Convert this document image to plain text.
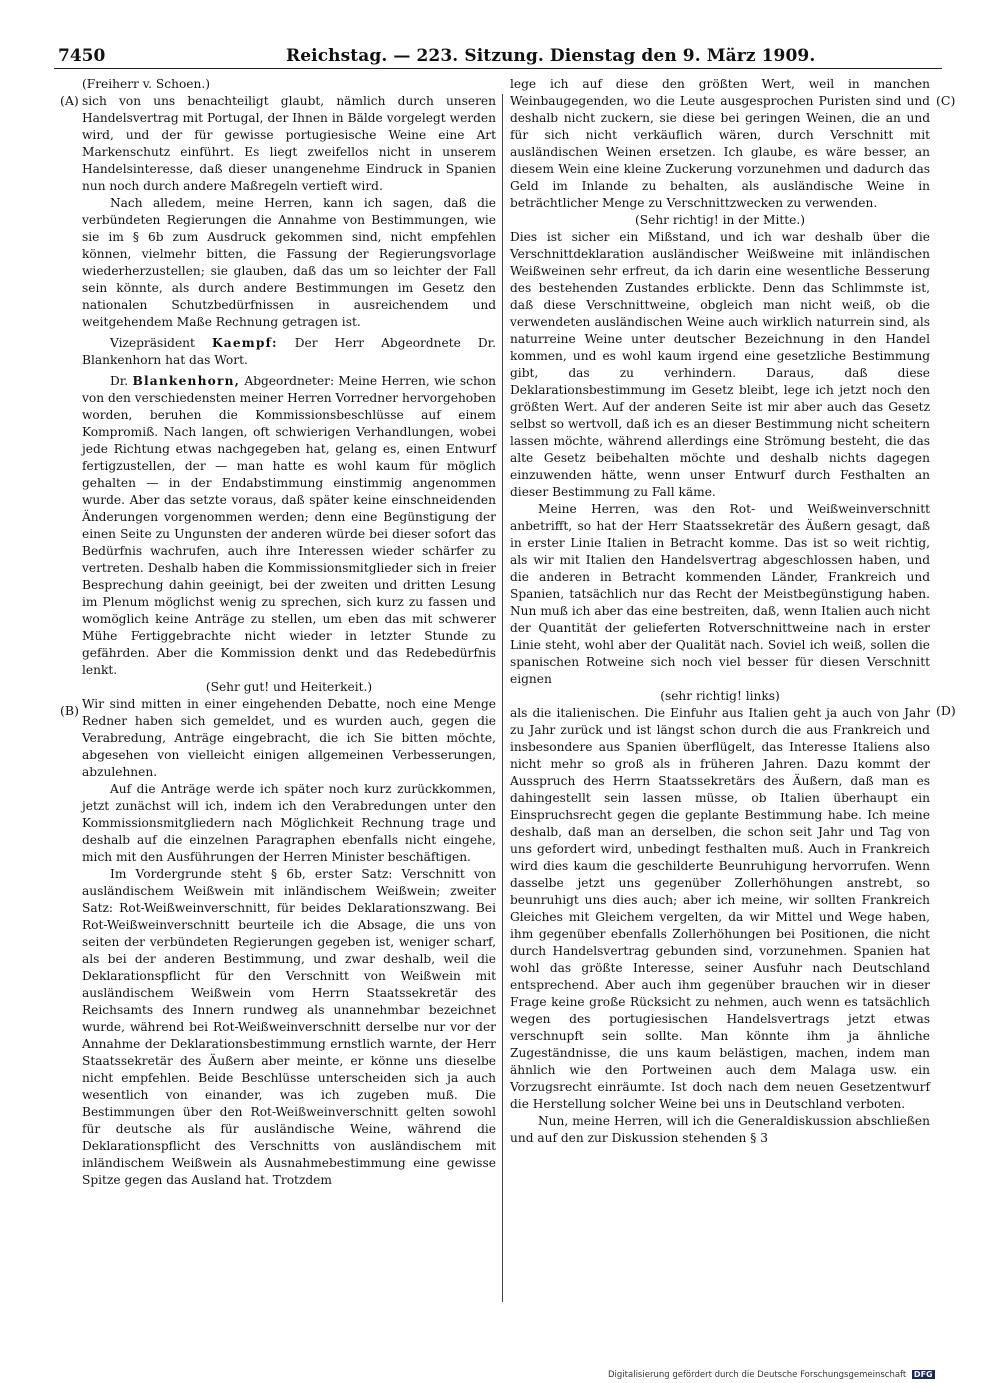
7450	Reichstag. — 223. Sitzung. Dienstag den 9. März 1909.
(A)
(B)
(C)
(D)

(Freiherr v. Schoen.)

sich von uns benachteiligt glaubt, nämlich durch unseren Handelsvertrag mit Portugal, der Ihnen in Bälde vorgelegt werden wird, und der für gewisse portugiesische Weine eine Art Markenschutz einführt. Es liegt zweifellos nicht in unserem Handelsinteresse, daß dieser unangenehme Eindruck in Spanien nun noch durch andere Maßregeln vertieft wird.

Nach alledem, meine Herren, kann ich sagen, daß die verbündeten Regierungen die Annahme von Bestimmungen, wie sie im § 6b zum Ausdruck gekommen sind, nicht empfehlen können, vielmehr bitten, die Fassung der Regierungsvorlage wiederherzustellen; sie glauben, daß das um so leichter der Fall sein könnte, als durch andere Bestimmungen im Gesetz den nationalen Schutzbedürfnissen in ausreichendem und weitgehendem Maße Rechnung getragen ist.

Vizepräsident Kaempf: Der Herr Abgeordnete Dr. Blankenhorn hat das Wort.

Dr. Blankenhorn, Abgeordneter: Meine Herren, wie schon von den verschiedensten meiner Herren Vorredner hervorgehoben worden, beruhen die Kommissionsbeschlüsse auf einem Kompromiß. Nach langen, oft schwierigen Verhandlungen, wobei jede Richtung etwas nachgegeben hat, gelang es, einen Entwurf fertigzustellen, der — man hatte es wohl kaum für möglich gehalten — in der Endabstimmung einstimmig angenommen wurde. Aber das setzte voraus, daß später keine einschneidenden Änderungen vorgenommen werden; denn eine Begünstigung der einen Seite zu Ungunsten der anderen würde bei dieser sofort das Bedürfnis wachrufen, auch ihre Interessen wieder schärfer zu vertreten. Deshalb haben die Kommissionsmitglieder sich in freier Besprechung dahin geeinigt, bei der zweiten und dritten Lesung im Plenum möglichst wenig zu sprechen, sich kurz zu fassen und womöglich keine Anträge zu stellen, um eben das mit schwerer Mühe Fertiggebrachte nicht wieder in letzter Stunde zu gefährden. Aber die Kommission denkt und das Redebedürfnis lenkt.

(Sehr gut! und Heiterkeit.)

Wir sind mitten in einer eingehenden Debatte, noch eine Menge Redner haben sich gemeldet, und es wurden auch, gegen die Verabredung, Anträge eingebracht, die ich Sie bitten möchte, abgesehen von vielleicht einigen allgemeinen Verbesserungen, abzulehnen.

Auf die Anträge werde ich später noch kurz zurückkommen, jetzt zunächst will ich, indem ich den Verabredungen unter den Kommissionsmitgliedern nach Möglichkeit Rechnung trage und deshalb auf die einzelnen Paragraphen ebenfalls nicht eingehe, mich mit den Ausführungen der Herren Minister beschäftigen.

Im Vordergrunde steht § 6b, erster Satz: Verschnitt von ausländischem Weißwein mit inländischem Weißwein; zweiter Satz: Rot-Weißweinverschnitt, für beides Deklarationszwang. Bei Rot-Weißweinverschnitt beurteile ich die Absage, die uns von seiten der verbündeten Regierungen gegeben ist, weniger scharf, als bei der anderen Bestimmung, und zwar deshalb, weil die Deklarationspflicht für den Verschnitt von Weißwein mit ausländischem Weißwein vom Herrn Staatssekretär des Reichsamts des Innern rundweg als unannehmbar bezeichnet wurde, während bei Rot-Weißweinverschnitt derselbe nur vor der Annahme der Deklarationsbestimmung ernstlich warnte, der Herr Staatssekretär des Äußern aber meinte, er könne uns dieselbe nicht empfehlen. Beide Beschlüsse unterscheiden sich ja auch wesentlich von einander, was ich zugeben muß. Die Bestimmungen über den Rot-Weißweinverschnitt gelten sowohl für deutsche als für ausländische Weine, während die Deklarationspflicht des Verschnitts von ausländischem mit inländischem Weißwein als Ausnahmebestimmung eine gewisse Spitze gegen das Ausland hat. Trotzdem

lege ich auf diese den größten Wert, weil in manchen Weinbaugegenden, wo die Leute ausgesprochen Puristen sind und deshalb nicht zuckern, sie diese bei geringen Weinen, die an und für sich nicht verkäuflich wären, durch Verschnitt mit ausländischen Weinen ersetzen. Ich glaube, es wäre besser, an diesem Wein eine kleine Zuckerung vorzunehmen und dadurch das Geld im Inlande zu behalten, als ausländische Weine in beträchtlicher Menge zu Verschnittzwecken zu verwenden.

(Sehr richtig! in der Mitte.)

Dies ist sicher ein Mißstand, und ich war deshalb über die Verschnittdeklaration ausländischer Weißweine mit inländischen Weißweinen sehr erfreut, da ich darin eine wesentliche Besserung des bestehenden Zustandes erblickte. Denn das Schlimmste ist, daß diese Verschnittweine, obgleich man nicht weiß, ob die verwendeten ausländischen Weine auch wirklich naturrein sind, als naturreine Weine unter deutscher Bezeichnung in den Handel kommen, und es wohl kaum irgend eine gesetzliche Bestimmung gibt, das zu verhindern. Daraus, daß diese Deklarationsbestimmung im Gesetz bleibt, lege ich jetzt noch den größten Wert. Auf der anderen Seite ist mir aber auch das Gesetz selbst so wertvoll, daß ich es an dieser Bestimmung nicht scheitern lassen möchte, während allerdings eine Strömung besteht, die das alte Gesetz beibehalten möchte und deshalb nichts dagegen einzuwenden hätte, wenn unser Entwurf durch Festhalten an dieser Bestimmung zu Fall käme.

Meine Herren, was den Rot- und Weißweinverschnitt anbetrifft, so hat der Herr Staatssekretär des Äußern gesagt, daß in erster Linie Italien in Betracht komme. Das ist so weit richtig, als wir mit Italien den Handelsvertrag abgeschlossen haben, und die anderen in Betracht kommenden Länder, Frankreich und Spanien, tatsächlich nur das Recht der Meistbegünstigung haben. Nun muß ich aber das eine bestreiten, daß, wenn Italien auch nicht der Quantität der gelieferten Rotverschnittweine nach in erster Linie steht, wohl aber der Qualität nach. Soviel ich weiß, sollen die spanischen Rotweine sich noch viel besser für diesen Verschnitt eignen

(sehr richtig! links)

als die italienischen. Die Einfuhr aus Italien geht ja auch von Jahr zu Jahr zurück und ist längst schon durch die aus Frankreich und insbesondere aus Spanien überflügelt, das Interesse Italiens also nicht mehr so groß als in früheren Jahren. Dazu kommt der Ausspruch des Herrn Staatssekretärs des Äußern, daß man es dahingestellt sein lassen müsse, ob Italien überhaupt ein Einspruchsrecht gegen die geplante Bestimmung habe. Ich meine deshalb, daß man an derselben, die schon seit Jahr und Tag von uns gefordert wird, unbedingt festhalten muß. Auch in Frankreich wird dies kaum die geschilderte Beunruhigung hervorrufen. Wenn dasselbe jetzt uns gegenüber Zollerhöhungen anstrebt, so beunruhigt uns dies auch; aber ich meine, wir sollten Frankreich Gleiches mit Gleichem vergelten, da wir Mittel und Wege haben, ihm gegenüber ebenfalls Zollerhöhungen bei Positionen, die nicht durch Handelsvertrag gebunden sind, vorzunehmen. Spanien hat wohl das größte Interesse, seiner Ausfuhr nach Deutschland entsprechend. Aber auch ihm gegenüber brauchen wir in dieser Frage keine große Rücksicht zu nehmen, auch wenn es tatsächlich wegen des portugiesischen Handelsvertrags jetzt etwas verschnupft sein sollte. Man könnte ihm ja ähnliche Zugeständnisse, die uns kaum belästigen, machen, indem man ähnlich wie den Portweinen auch dem Malaga usw. ein Vorzugsrecht einräumte. Ist doch nach dem neuen Gesetzentwurf die Herstellung solcher Weine bei uns in Deutschland verboten.

Nun, meine Herren, will ich die Generaldiskussion abschließen und auf den zur Diskussion stehenden § 3

Digitalisierung gefördert durch die Deutsche Forschungsgemeinschaft DFG
